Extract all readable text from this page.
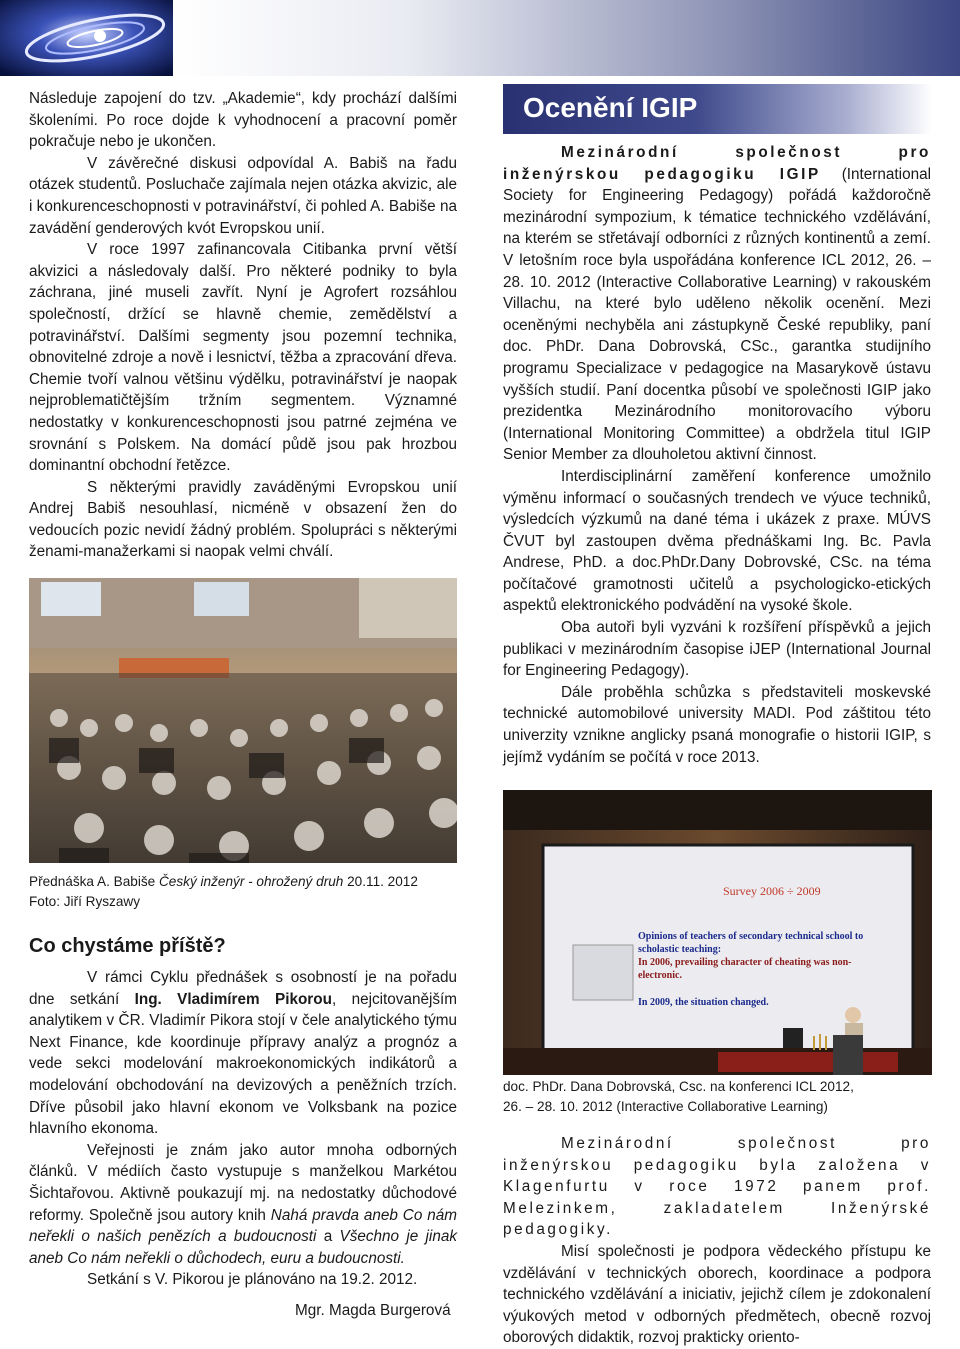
Následuje zapojení do tzv. „Akademie“, kdy prochází dalšími školeními. Po roce dojde k vyhodnocení a pracovní poměr pokračuje nebo je ukončen.

V závěrečné diskusi odpovídal A. Babiš na řadu otázek studentů. Posluchače zajímala nejen otázka akvizic, ale i konkurenceschopnosti v potravinářství, či pohled A. Babiše na zavádění genderových kvót Evropskou unií.

V roce 1997 zafinancovala Citibanka první větší akvizici a následovaly další. Pro některé podniky to byla záchrana, jiné museli zavřít. Nyní je Agrofert rozsáhlou společností, držící se hlavně chemie, zemědělství a potravinářství. Dalšími segmenty jsou pozemní technika, obnovitelné zdroje a nově i lesnictví, těžba a zpracování dřeva. Chemie tvoří valnou většinu výdělku, potravinářství je naopak nejproblematičtějším tržním segmentem. Významné nedostatky v konkurenceschopnosti jsou patrné zejména ve srovnání s Polskem. Na domácí půdě jsou pak hrozbou dominantní obchodní řetězce.

S některými pravidly zaváděnými Evropskou unií Andrej Babiš nesouhlasí, nicméně v obsazení žen do vedoucích pozic nevidí žádný problém. Spolupráci s některými ženami-manažerkami si naopak velmi chválí.

Přednáška A. Babiše Český inženýr - ohrožený druh 20.11. 2012
Foto: Jiří Ryszawy
Co chystáme příště?

V rámci Cyklu přednášek s osobností je na pořadu dne setkání Ing. Vladimírem Pikorou, nejcitovanějším analytikem v ČR. Vladimír Pikora stojí v čele analytického týmu Next Finance, kde koordinuje přípravy analýz a prognóz a vede sekci modelování makroekonomických indikátorů a modelování obchodování na devizových a peněžních trzích. Dříve působil jako hlavní ekonom ve Volksbank na pozice hlavního ekonoma.

Veřejnosti je znám jako autor mnoha odborných článků. V médiích často vystupuje s manželkou Markétou Šichtařovou. Aktivně poukazují mj. na nedostatky důchodové reformy. Společně jsou autory knih Nahá pravda aneb Co nám neřekli o našich penězích a budoucnosti a Všechno je jinak aneb Co nám neřekli o důchodech, euru a budoucnosti.

Setkání s V. Pikorou je plánováno na 19.2. 2012.

Mgr. Magda Burgerová
Ocenění IGIP

Mezinárodní společnost pro inženýrskou pedagogiku IGIP (International Society for Engineering Pedagogy) pořádá každoročně mezinárodní sympozium, k tématice technického vzdělávání, na kterém se střetávají odborníci z různých kontinentů a zemí. V letošním roce byla uspořádána konference ICL 2012, 26. – 28. 10. 2012 (Interactive Collaborative Learning) v rakouském Villachu, na které bylo uděleno několik ocenění. Mezi oceněnými nechyběla ani zástupkyně České republiky, paní doc. PhDr. Dana Dobrovská, CSc., garantka studijního programu Specializace v pedagogice na Masarykově ústavu vyšších studií. Paní docentka působí ve společnosti IGIP jako prezidentka Mezinárodního monitorovacího výboru (International Monitoring Committee) a obdržela titul IGIP Senior Member za dlouholetou aktivní činnost.

Interdisciplinární zaměření konference umožnilo výměnu informací o současných trendech ve výuce techniků, výsledcích výzkumů na dané téma i ukázek z praxe. MÚVS ČVUT byl zastoupen dvěma přednáškami Ing. Bc. Pavla Andrese, PhD. a doc.PhDr.Dany Dobrovské, CSc. na téma počítačové gramotnosti učitelů a psychologicko-etických aspektů elektronického podvádění na vysoké škole.

Oba autoři byli vyzváni k rozšíření příspěvků a jejich publikaci v mezinárodním časopise iJEP (International Journal for Engineering Pedagogy).

Dále proběhla schůzka s představiteli moskevské technické automobilové university MADI. Pod záštitou této univerzity vznikne anglicky psaná monografie o historii IGIP, s jejímž vydáním se počítá v roce 2013.

Survey 2006 ÷ 2009
Opinions of teachers of secondary technical school to scholastic teaching:
In 2006, prevailing character of cheating was non-electronic.
In 2009, the situation changed.
doc. PhDr. Dana Dobrovská, Csc. na konferenci ICL 2012,
26. – 28. 10. 2012 (Interactive Collaborative Learning)

Mezinárodní společnost pro inženýrskou pedagogiku byla založena v Klagenfurtu v roce 1972 panem prof. Melezinkem, zakladatelem Inženýrské pedagogiky.

Misí společnosti je podpora vědeckého přístupu ke vzdělávání v technických oborech, koordinace a podpora technického vzdělávání a iniciativ, jejichž cílem je zdokonalení výukových metod v odborných předmětech, obecně rozvoj oborových didaktik, rozvoj prakticky oriento-
